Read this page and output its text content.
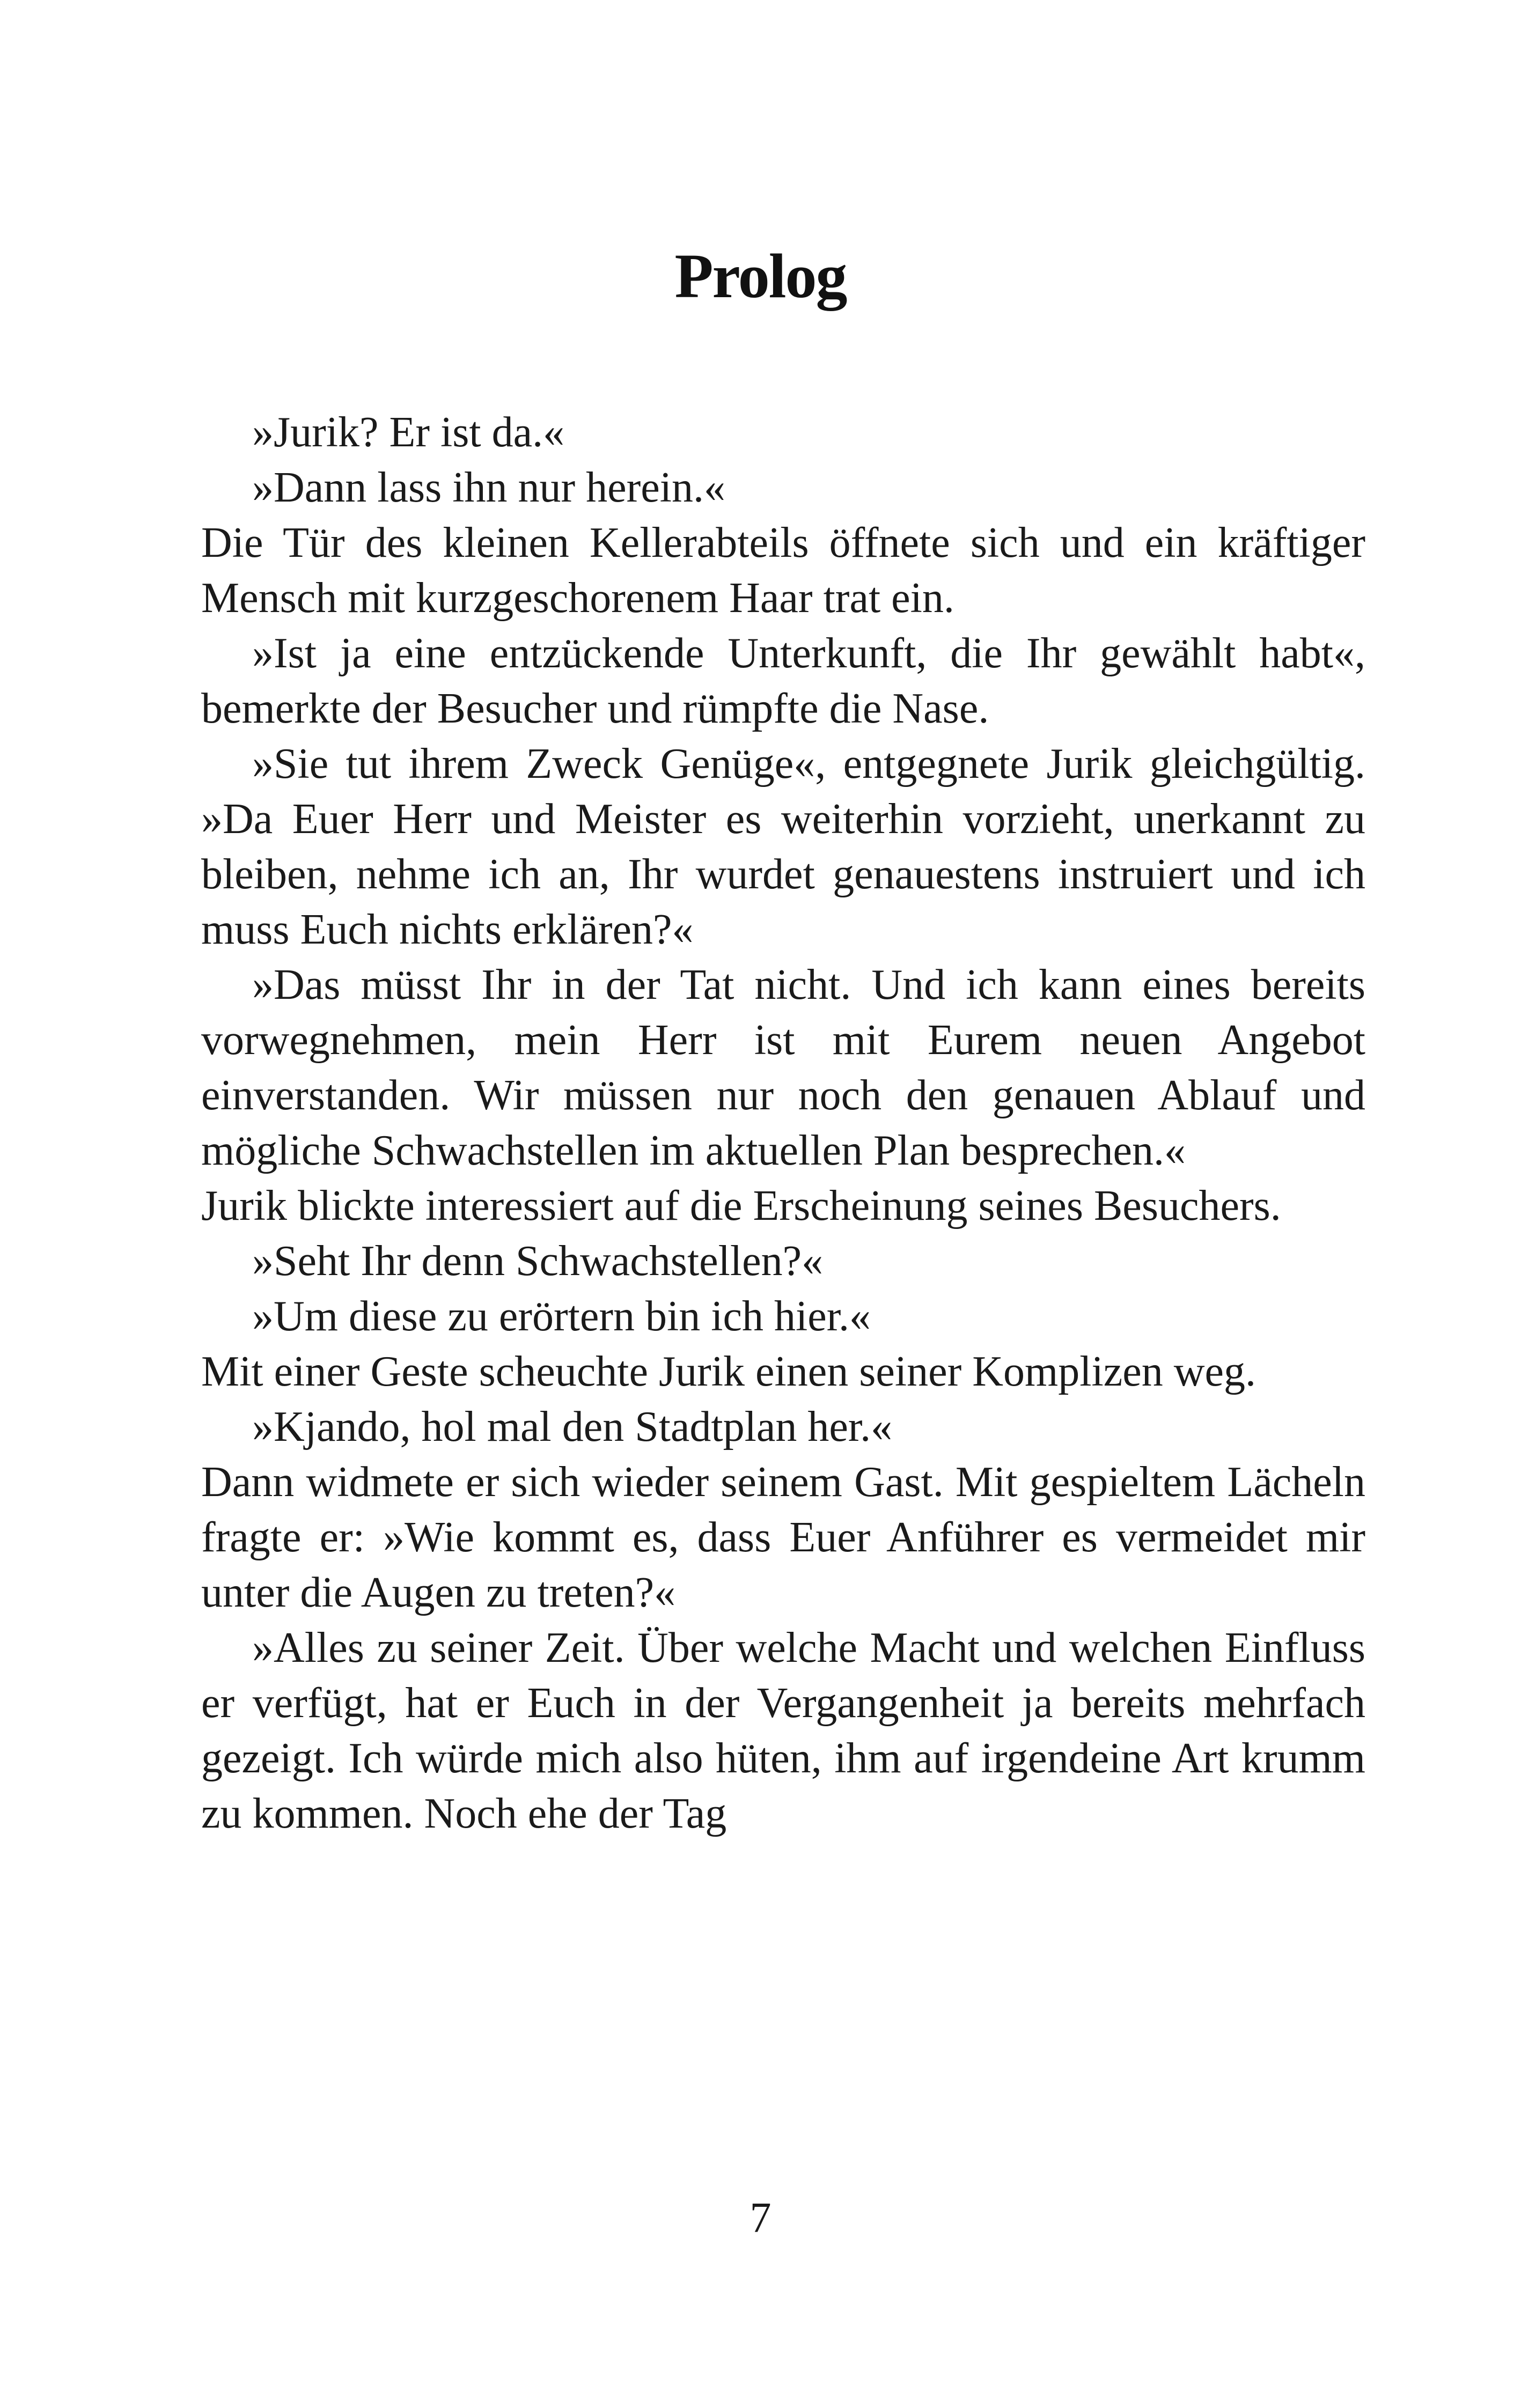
Prolog

»Jurik? Er ist da.«

»Dann lass ihn nur herein.«

Die Tür des kleinen Kellerabteils öffnete sich und ein kräftiger Mensch mit kurzgeschorenem Haar trat ein.

»Ist ja eine entzückende Unterkunft, die Ihr gewählt habt«, bemerkte der Besucher und rümpfte die Nase.

»Sie tut ihrem Zweck Genüge«, entgegnete Jurik gleichgültig. »Da Euer Herr und Meister es weiterhin vorzieht, unerkannt zu bleiben, nehme ich an, Ihr wurdet genauestens instruiert und ich muss Euch nichts erklären?«

»Das müsst Ihr in der Tat nicht. Und ich kann eines bereits vorwegnehmen, mein Herr ist mit Eurem neuen Angebot einverstanden. Wir müssen nur noch den genauen Ablauf und mögliche Schwachstellen im aktuellen Plan besprechen.«

Jurik blickte interessiert auf die Erscheinung seines Besuchers.

»Seht Ihr denn Schwachstellen?«

»Um diese zu erörtern bin ich hier.«

Mit einer Geste scheuchte Jurik einen seiner Komplizen weg.

»Kjando, hol mal den Stadtplan her.«

Dann widmete er sich wieder seinem Gast. Mit gespieltem Lächeln fragte er: »Wie kommt es, dass Euer Anführer es vermeidet mir unter die Augen zu treten?«

»Alles zu seiner Zeit. Über welche Macht und welchen Einfluss er verfügt, hat er Euch in der Vergangenheit ja bereits mehrfach gezeigt. Ich würde mich also hüten, ihm auf irgendeine Art krumm zu kommen. Noch ehe der Tag

7
